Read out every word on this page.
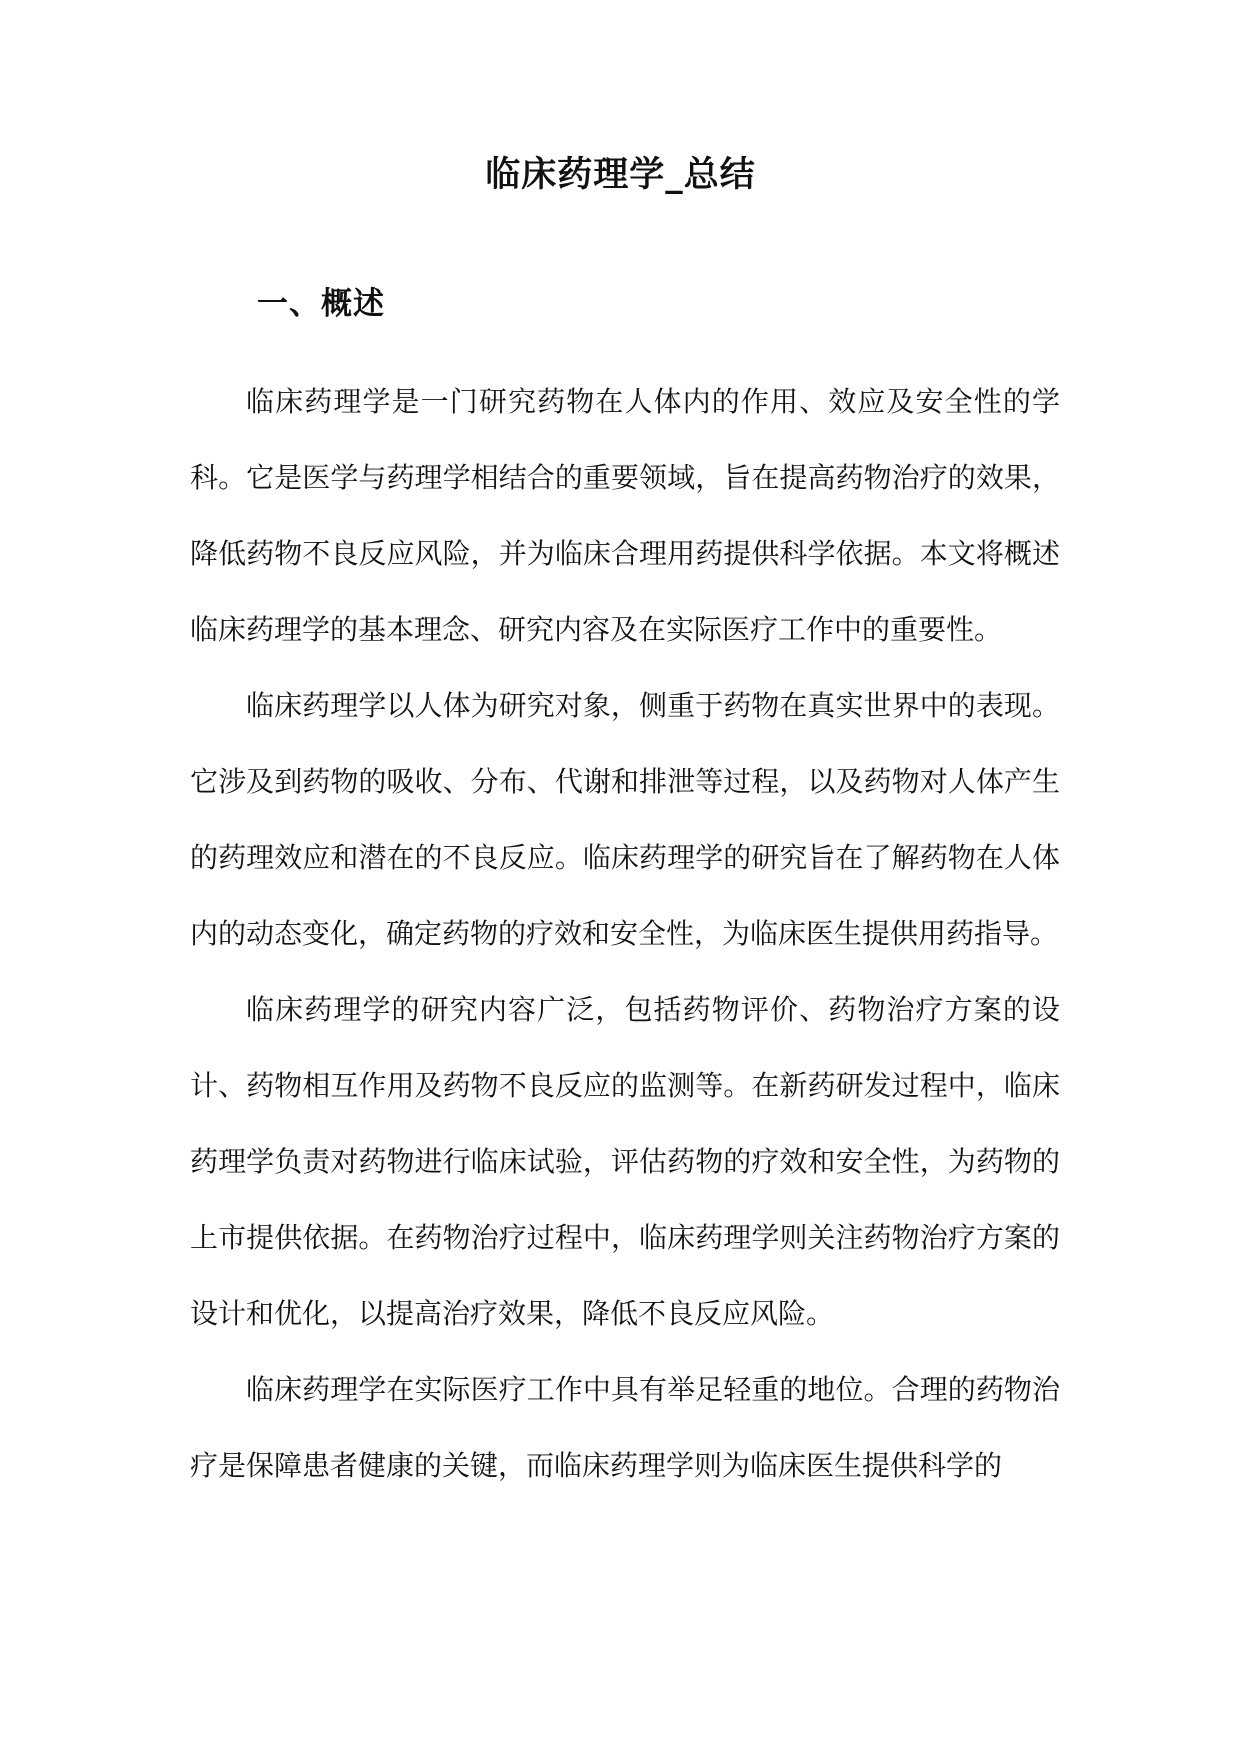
临床药理学_总结
一、概述

临床药理学是一门研究药物在人体内的作用、效应及安全性的学科。它是医学与药理学相结合的重要领域，旨在提高药物治疗的效果，降低药物不良反应风险，并为临床合理用药提供科学依据。本文将概述临床药理学的基本理念、研究内容及在实际医疗工作中的重要性。

临床药理学以人体为研究对象，侧重于药物在真实世界中的表现。它涉及到药物的吸收、分布、代谢和排泄等过程，以及药物对人体产生的药理效应和潜在的不良反应。临床药理学的研究旨在了解药物在人体内的动态变化，确定药物的疗效和安全性，为临床医生提供用药指导。

临床药理学的研究内容广泛，包括药物评价、药物治疗方案的设计、药物相互作用及药物不良反应的监测等。在新药研发过程中，临床药理学负责对药物进行临床试验，评估药物的疗效和安全性，为药物的上市提供依据。在药物治疗过程中，临床药理学则关注药物治疗方案的设计和优化，以提高治疗效果，降低不良反应风险。

临床药理学在实际医疗工作中具有举足轻重的地位。合理的药物治疗是保障患者健康的关键，而临床药理学则为临床医生提供科学的
